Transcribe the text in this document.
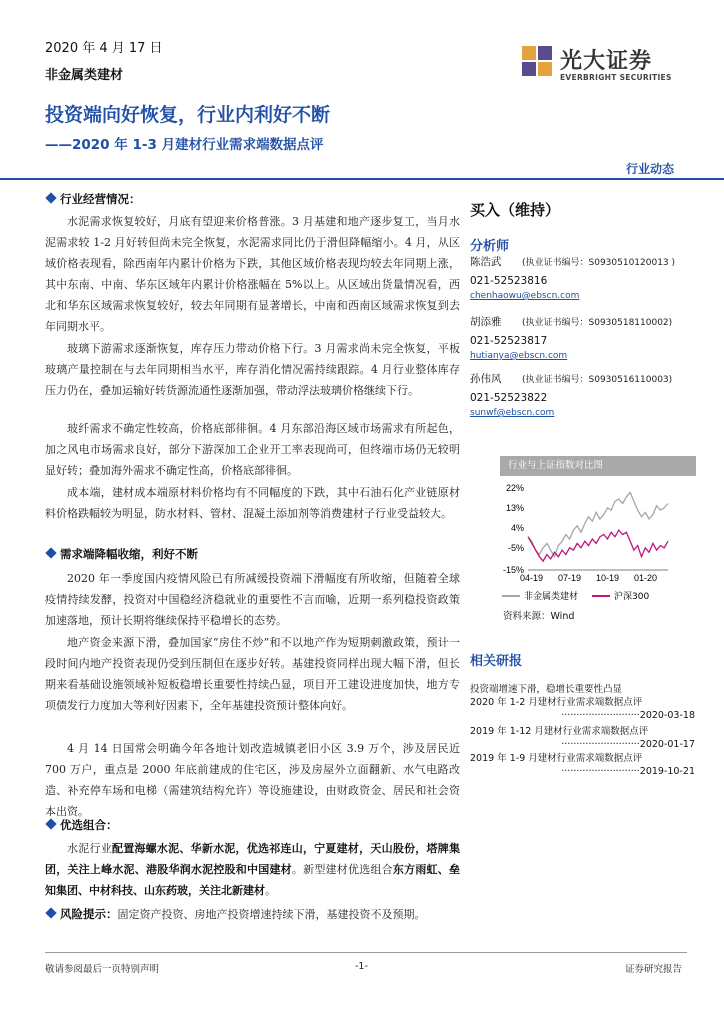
2020 年 4 月 17 日
非金属类建材
投资端向好恢复，行业内利好不断
——2020 年 1-3 月建材行业需求端数据点评
光大证券
EVERBRIGHT SECURITIES
行业动态
行业经营情况：
水泥需求恢复较好，月底有望迎来价格普涨。3 月基建和地产逐步复工，当月水泥需求较 1-2 月好转但尚未完全恢复，水泥需求同比仍于滑但降幅缩小。4 月，从区域价格表现看，除西南年内累计价格为下跌，其他区域价格表现均较去年同期上涨，其中东南、中南、华东区域年内累计价格涨幅在 5%以上。从区域出货量情况看，西北和华东区域需求恢复较好，较去年同期有显著增长，中南和西南区域需求恢复到去年同期水平。
玻璃下游需求逐渐恢复，库存压力带动价格下行。3 月需求尚未完全恢复，平板玻璃产量控制在与去年同期相当水平，库存消化情况需持续跟踪。4 月行业整体库存压力仍在，叠加运输好转货源流通性逐渐加强，带动浮法玻璃价格继续下行。
玻纤需求不确定性较高，价格底部徘徊。4 月东部沿海区域市场需求有所起色，加之风电市场需求良好，部分下游深加工企业开工率表现尚可，但终端市场仍无较明显好转；叠加海外需求不确定性高，价格底部徘徊。
成本端，建材成本端原材料价格均有不同幅度的下跌，其中石油石化产业链原材料价格跌幅较为明显，防水材料、管材、混凝土添加剂等消费建材子行业受益较大。
需求端降幅收缩，利好不断
2020 年一季度国内疫情风险已有所减缓投资端下滑幅度有所收缩，但随着全球疫情持续发酵，投资对中国稳经济稳就业的重要性不言而喻，近期一系列稳投资政策加速落地，预计长期将继续保持平稳增长的态势。
地产资金来源下滑，叠加国家“房住不炒”和不以地产作为短期刺激政策，预计一段时间内地产投资表现仍受到压制但在逐步好转。基建投资同样出现大幅下滑，但长期来看基础设施领域补短板稳增长重要性持续凸显，项目开工建设进度加快，地方专项债发行力度加大等利好因素下，全年基建投资预计整体向好。
4 月 14 日国常会明确今年各地计划改造城镇老旧小区 3.9 万个，涉及居民近 700 万户，重点是 2000 年底前建成的住宅区，涉及房屋外立面翻新、水气电路改造、补充停车场和电梯（需建筑结构允许）等设施建设，由财政资金、居民和社会资本出资。
优选组合：
水泥行业配置海螺水泥、华新水泥，优选祁连山，宁夏建材，天山股份，塔牌集团，关注上峰水泥、港股华润水泥控股和中国建材。新型建材优选组合东方雨虹、垒知集团、中材科技、山东药玻，关注北新建材。
风险提示：固定资产投资、房地产投资增速持续下滑，基建投资不及预期。
买入（维持）
分析师
陈浩武 (执业证书编号：S0930510120013 )
021-52523816
chenhaowu@ebscn.com
胡添雅 (执业证书编号：S0930518110002)
021-52523817
hutianya@ebscn.com
孙伟风 (执业证书编号：S0930516110003)
021-52523822
sunwf@ebscn.com
行业与上证指数对比图
22%
13%
4%
-5%
-15%
04-19 07-19 10-19 01-20
非金属类建材	沪深300
资料来源：Wind
相关研报
投资端增速下滑，稳增长重要性凸显
2020 年 1-2 月建材行业需求端数据点评
··························2020-03-18
2019 年 1-12 月建材行业需求端数据点评
··························2020-01-17
2019 年 1-9 月建材行业需求端数据点评
··························2019-10-21
敬请参阅最后一页特别声明	-1-	证券研究报告
